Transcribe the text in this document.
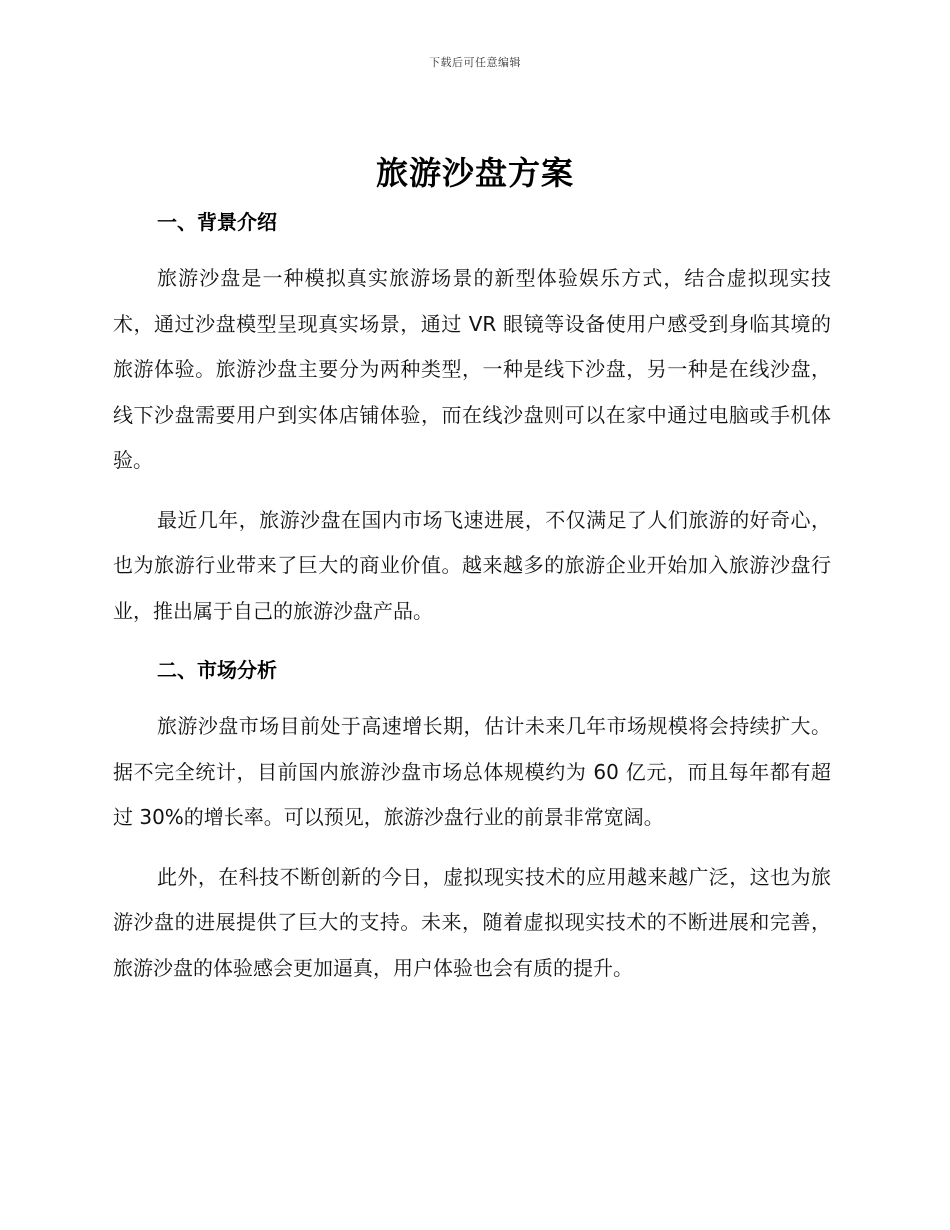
下载后可任意编辑
旅游沙盘方案
一、背景介绍

旅游沙盘是一种模拟真实旅游场景的新型体验娱乐方式，结合虚拟现实技术，通过沙盘模型呈现真实场景，通过 VR 眼镜等设备使用户感受到身临其境的旅游体验。旅游沙盘主要分为两种类型，一种是线下沙盘，另一种是在线沙盘，线下沙盘需要用户到实体店铺体验，而在线沙盘则可以在家中通过电脑或手机体验。

最近几年，旅游沙盘在国内市场飞速进展，不仅满足了人们旅游的好奇心，也为旅游行业带来了巨大的商业价值。越来越多的旅游企业开始加入旅游沙盘行业，推出属于自己的旅游沙盘产品。

二、市场分析

旅游沙盘市场目前处于高速增长期，估计未来几年市场规模将会持续扩大。据不完全统计，目前国内旅游沙盘市场总体规模约为 60 亿元，而且每年都有超过 30%的增长率。可以预见，旅游沙盘行业的前景非常宽阔。

此外，在科技不断创新的今日，虚拟现实技术的应用越来越广泛，这也为旅游沙盘的进展提供了巨大的支持。未来，随着虚拟现实技术的不断进展和完善，旅游沙盘的体验感会更加逼真，用户体验也会有质的提升。
